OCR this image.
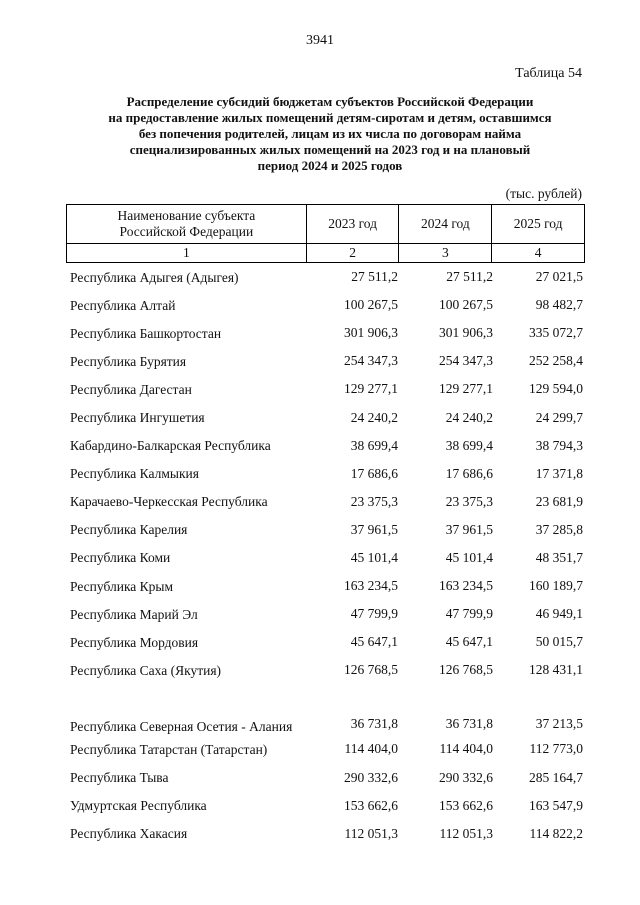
3941
Таблица 54
Распределение субсидий бюджетам субъектов Российской Федерации
на предоставление жилых помещений детям-сиротам и детям, оставшимся
без попечения родителей, лицам из их числа по договорам найма
специализированных жилых помещений на 2023 год и на плановый
период 2024 и 2025 годов
(тыс. рублей)
Наименование субъекта Российской Федерации	2023 год	2024 год	2025 год
1	2	3	4
Республика Адыгея (Адыгея)	27 511,2	27 511,2	27 021,5
Республика Алтай	100 267,5	100 267,5	98 482,7
Республика Башкортостан	301 906,3	301 906,3	335 072,7
Республика Бурятия	254 347,3	254 347,3	252 258,4
Республика Дагестан	129 277,1	129 277,1	129 594,0
Республика Ингушетия	24 240,2	24 240,2	24 299,7
Кабардино-Балкарская Республика	38 699,4	38 699,4	38 794,3
Республика Калмыкия	17 686,6	17 686,6	17 371,8
Карачаево-Черкесская Республика	23 375,3	23 375,3	23 681,9
Республика Карелия	37 961,5	37 961,5	37 285,8
Республика Коми	45 101,4	45 101,4	48 351,7
Республика Крым	163 234,5	163 234,5	160 189,7
Республика Марий Эл	47 799,9	47 799,9	46 949,1
Республика Мордовия	45 647,1	45 647,1	50 015,7
Республика Саха (Якутия)	126 768,5	126 768,5	128 431,1
Республика Северная Осетия - Алания	36 731,8	36 731,8	37 213,5
Республика Татарстан (Татарстан)	114 404,0	114 404,0	112 773,0
Республика Тыва	290 332,6	290 332,6	285 164,7
Удмуртская Республика	153 662,6	153 662,6	163 547,9
Республика Хакасия	112 051,3	112 051,3	114 822,2
